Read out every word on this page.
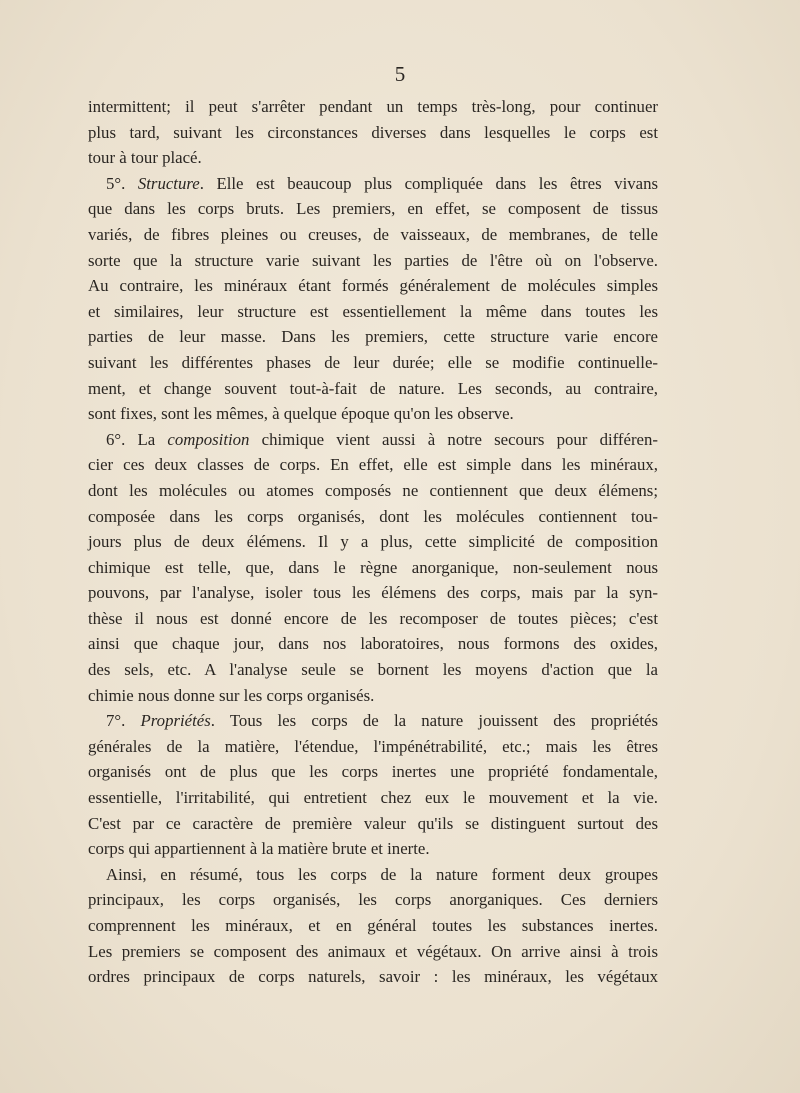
5
intermittent; il peut s'arrêter pendant un temps très-long, pour continuer
plus tard, suivant les circonstances diverses dans lesquelles le corps est
tour à tour placé.
5°. Structure. Elle est beaucoup plus compliquée dans les êtres vivans
que dans les corps bruts. Les premiers, en effet, se composent de tissus
variés, de fibres pleines ou creuses, de vaisseaux, de membranes, de telle
sorte que la structure varie suivant les parties de l'être où on l'observe.
Au contraire, les minéraux étant formés généralement de molécules simples
et similaires, leur structure est essentiellement la même dans toutes les
parties de leur masse. Dans les premiers, cette structure varie encore
suivant les différentes phases de leur durée; elle se modifie continuelle-
ment, et change souvent tout-à-fait de nature. Les seconds, au contraire,
sont fixes, sont les mêmes, à quelque époque qu'on les observe.
6°. La composition chimique vient aussi à notre secours pour différen-
cier ces deux classes de corps. En effet, elle est simple dans les minéraux,
dont les molécules ou atomes composés ne contiennent que deux élémens;
composée dans les corps organisés, dont les molécules contiennent tou-
jours plus de deux élémens. Il y a plus, cette simplicité de composition
chimique est telle, que, dans le règne anorganique, non-seulement nous
pouvons, par l'analyse, isoler tous les élémens des corps, mais par la syn-
thèse il nous est donné encore de les recomposer de toutes pièces; c'est
ainsi que chaque jour, dans nos laboratoires, nous formons des oxides,
des sels, etc. A l'analyse seule se bornent les moyens d'action que la
chimie nous donne sur les corps organisés.
7°. Propriétés. Tous les corps de la nature jouissent des propriétés
générales de la matière, l'étendue, l'impénétrabilité, etc.; mais les êtres
organisés ont de plus que les corps inertes une propriété fondamentale,
essentielle, l'irritabilité, qui entretient chez eux le mouvement et la vie.
C'est par ce caractère de première valeur qu'ils se distinguent surtout des
corps qui appartiennent à la matière brute et inerte.
Ainsi, en résumé, tous les corps de la nature forment deux groupes
principaux, les corps organisés, les corps anorganiques. Ces derniers
comprennent les minéraux, et en général toutes les substances inertes.
Les premiers se composent des animaux et végétaux. On arrive ainsi à trois
ordres principaux de corps naturels, savoir : les minéraux, les végétaux
